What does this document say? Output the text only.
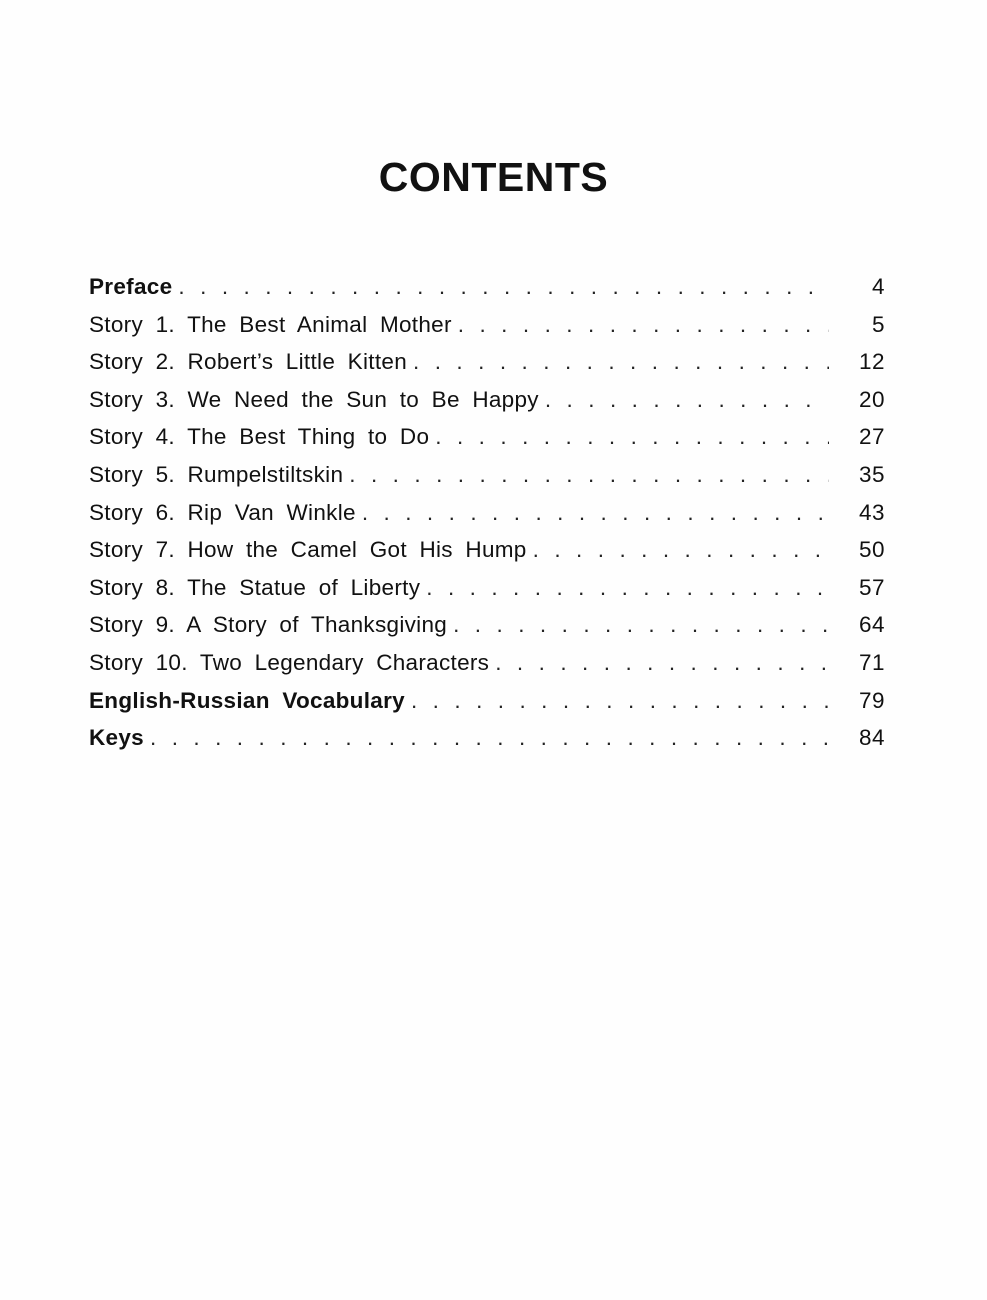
CONTENTS
Preface . . .	4
Story 1. The Best Animal Mother . . .	5
Story 2. Robert’s Little Kitten . . .	12
Story 3. We Need the Sun to Be Happy . . .	20
Story 4. The Best Thing to Do . . .	27
Story 5. Rumpelstiltskin . . .	35
Story 6. Rip Van Winkle . . .	43
Story 7. How the Camel Got His Hump . . .	50
Story 8. The Statue of Liberty . . .	57
Story 9. A Story of Thanksgiving . . .	64
Story 10. Two Legendary Characters . . .	71
English-Russian Vocabulary . . .	79
Keys . . .	84
